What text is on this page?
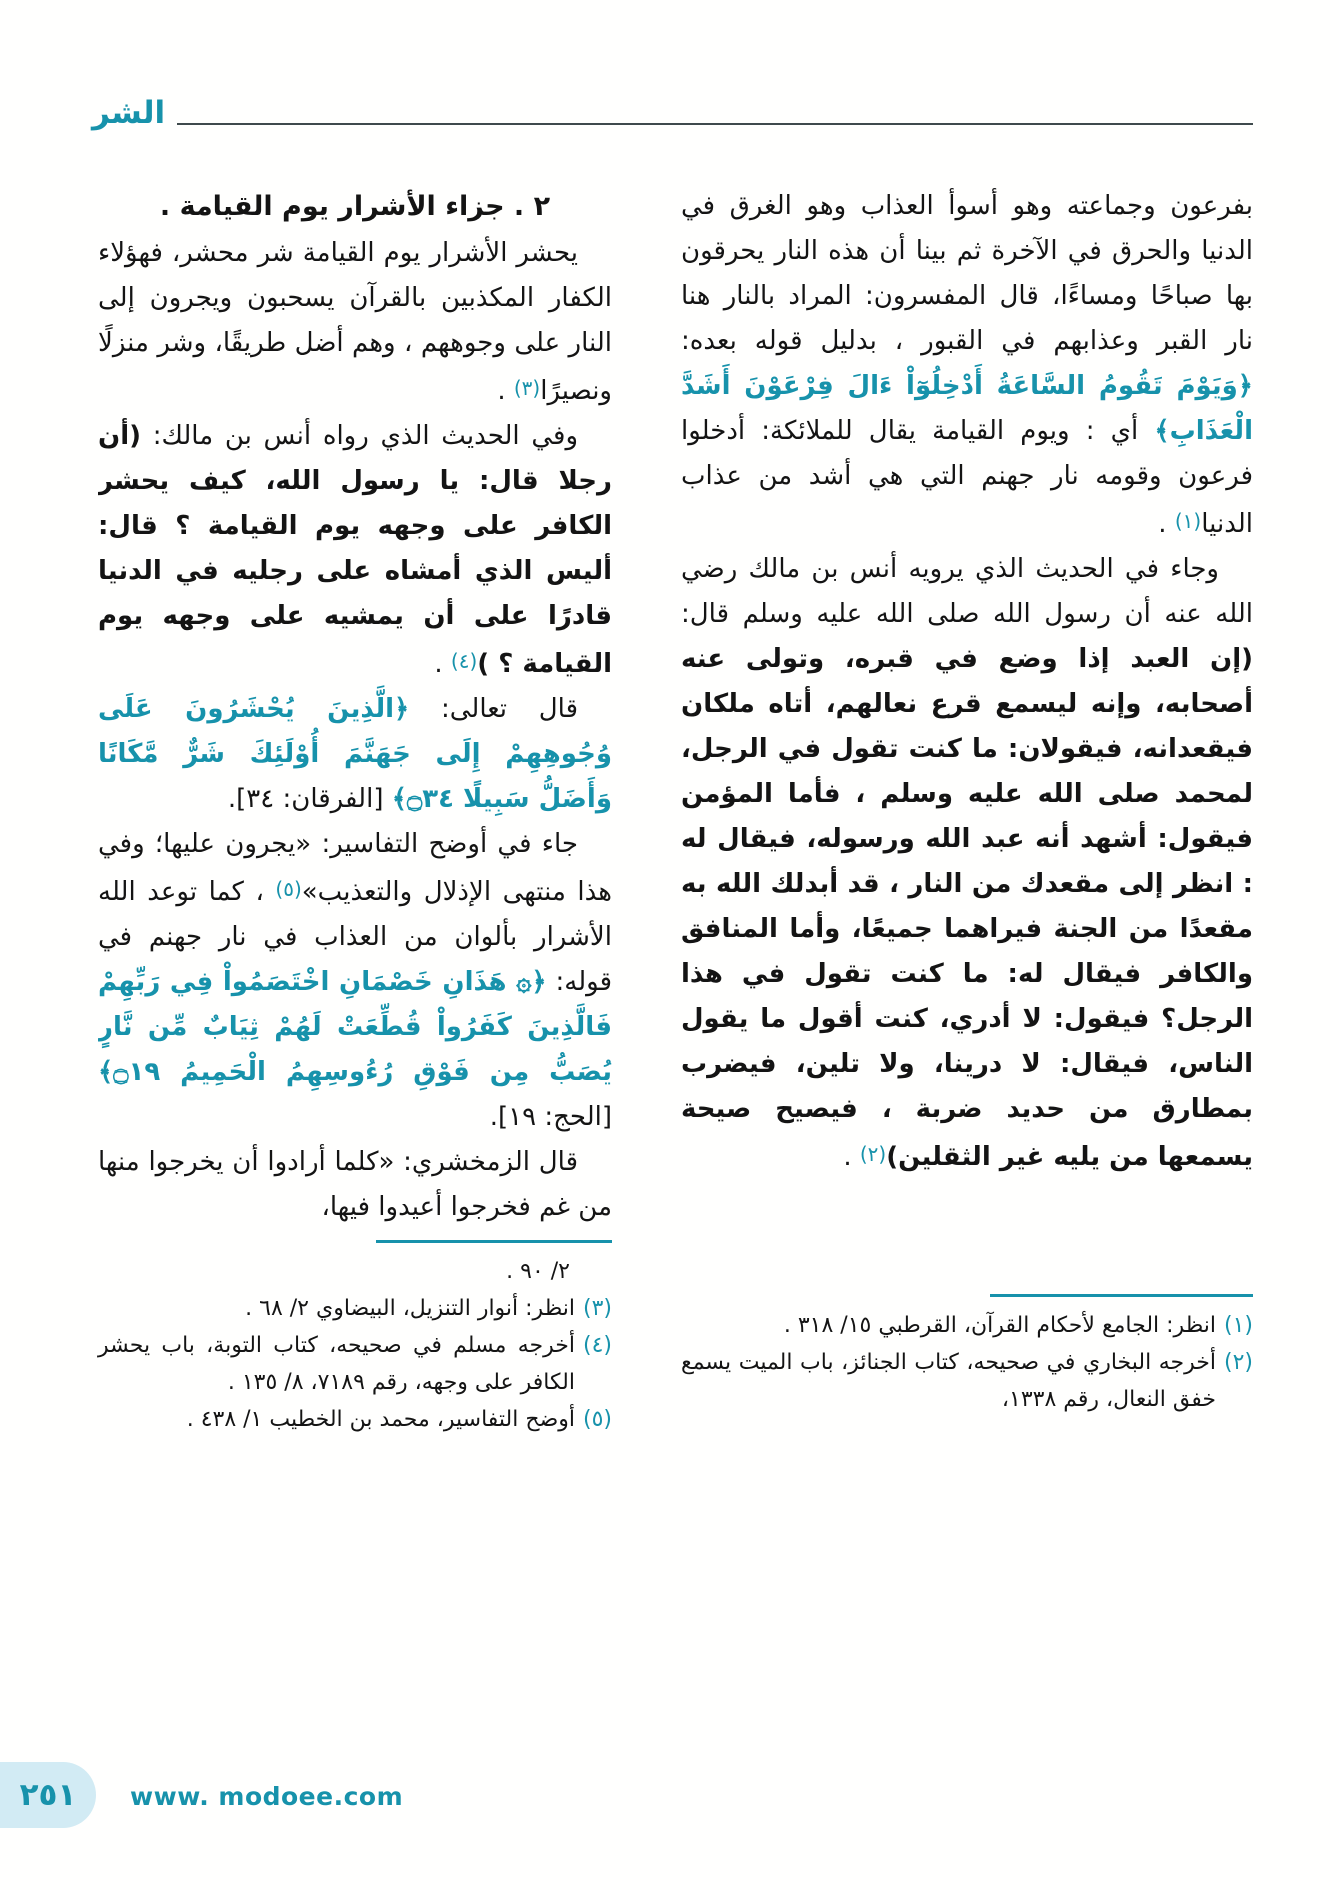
الشر

بفرعون وجماعته وهو أسوأ العذاب وهو الغرق في الدنيا والحرق في الآخرة ثم بينا أن هذه النار يحرقون بها صباحًا ومساءًا، قال المفسرون: المراد بالنار هنا نار القبر وعذابهم في القبور ، بدليل قوله بعده: ﴿وَيَوْمَ تَقُومُ السَّاعَةُ أَدْخِلُوٓاْ ءَالَ فِرْعَوْنَ أَشَدَّ الْعَذَابِ﴾ أي : ويوم القيامة يقال للملائكة: أدخلوا فرعون وقومه نار جهنم التي هي أشد من عذاب الدنيا(١) .

وجاء في الحديث الذي يرويه أنس بن مالك رضي الله عنه أن رسول الله صلى الله عليه وسلم قال: (إن العبد إذا وضع في قبره، وتولى عنه أصحابه، وإنه ليسمع قرع نعالهم، أتاه ملكان فيقعدانه، فيقولان: ما كنت تقول في الرجل، لمحمد صلى الله عليه وسلم ، فأما المؤمن فيقول: أشهد أنه عبد الله ورسوله، فيقال له : انظر إلى مقعدك من النار ، قد أبدلك الله به مقعدًا من الجنة فيراهما جميعًا، وأما المنافق والكافر فيقال له: ما كنت تقول في هذا الرجل؟ فيقول: لا أدري، كنت أقول ما يقول الناس، فيقال: لا درينا، ولا تلين، فيضرب بمطارق من حديد ضربة ، فيصيح صيحة يسمعها من يليه غير الثقلين)(٢) .

٢ . جزاء الأشرار يوم القيامة .

يحشر الأشرار يوم القيامة شر محشر، فهؤلاء الكفار المكذبين بالقرآن يسحبون ويجرون إلى النار على وجوههم ، وهم أضل طريقًا، وشر منزلًا ونصيرًا(٣) .

وفي الحديث الذي رواه أنس بن مالك: (أن رجلا قال: يا رسول الله، كيف يحشر الكافر على وجهه يوم القيامة ؟ قال: أليس الذي أمشاه على رجليه في الدنيا قادرًا على أن يمشيه على وجهه يوم القيامة ؟ )(٤) .

قال تعالى: ﴿الَّذِينَ يُحْشَرُونَ عَلَى وُجُوهِهِمْ إِلَى جَهَنَّمَ أُوْلَئِكَ شَرٌّ مَّكَانًا وَأَضَلُّ سَبِيلًا ۝٣٤﴾ [الفرقان: ٣٤].

جاء في أوضح التفاسير: «يجرون عليها؛ وفي هذا منتهى الإذلال والتعذيب»(٥) ، كما توعد الله الأشرار بألوان من العذاب في نار جهنم في قوله: ﴿۞ هَذَانِ خَصْمَانِ اخْتَصَمُواْ فِي رَبِّهِمْ فَالَّذِينَ كَفَرُواْ قُطِّعَتْ لَهُمْ ثِيَابٌ مِّن نَّارٍ يُصَبُّ مِن فَوْقِ رُءُوسِهِمُ الْحَمِيمُ ۝١٩﴾ [الحج: ١٩].

قال الزمخشري: «كلما أرادوا أن يخرجوا منها من غم فخرجوا أعيدوا فيها،

٢/ ٩٠ .
(٣)
انظر: أنوار التنزيل، البيضاوي ٢/ ٦٨ .
(٤)
أخرجه مسلم في صحيحه، كتاب التوبة، باب يحشر الكافر على وجهه، رقم ٧١٨٩، ٨/ ١٣٥ .
(٥)
أوضح التفاسير، محمد بن الخطيب ١/ ٤٣٨ .
(١)
انظر: الجامع لأحكام القرآن، القرطبي ١٥/ ٣١٨ .
(٢)
أخرجه البخاري في صحيحه، كتاب الجنائز، باب الميت يسمع خفق النعال، رقم ١٣٣٨،
٢٥١ www. modoee.com
